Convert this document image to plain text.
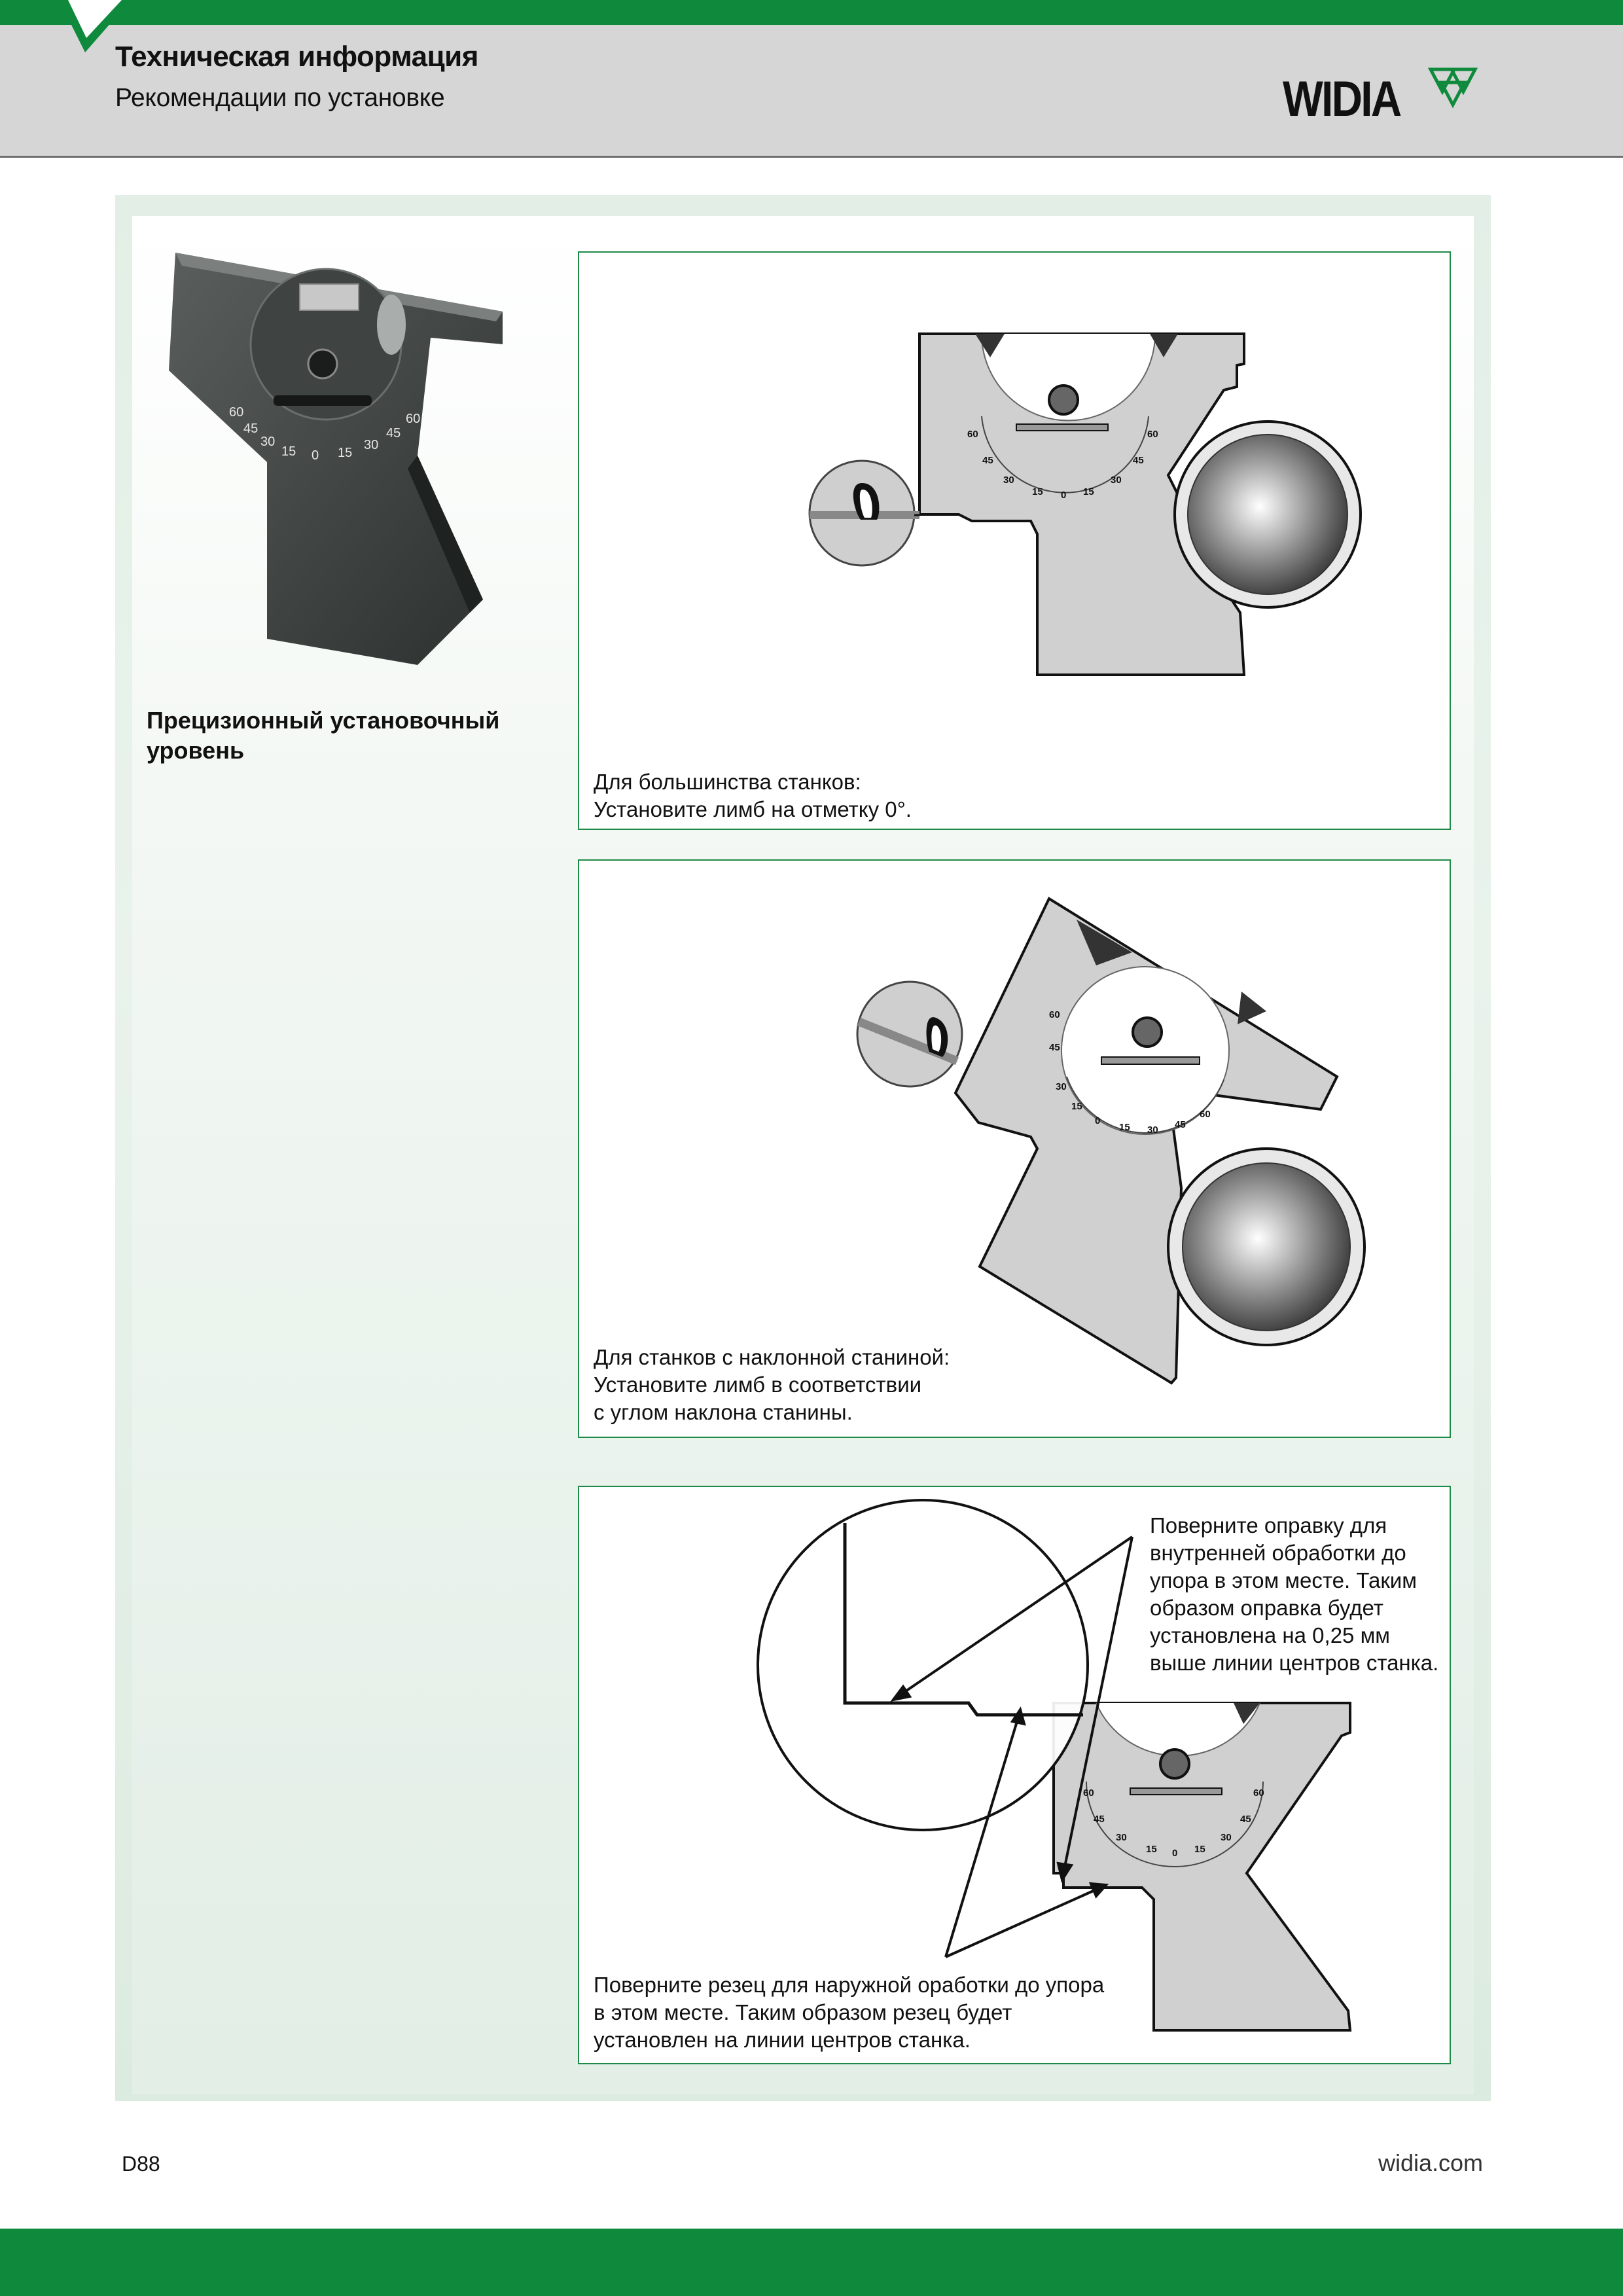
Техническая информация
Рекомендации по установке	WIDIA
60
45
30
15 0 15
30
45
60
Прецизионный установочный
уровень
60
45
30
15 0 15
30
45
60
Для большинства станков:
Установите лимб на отметку 0°.
60
45
30
15
0
15 30 45
60
Для станков с наклонной станиной:
Установите лимб в соответствии
с углом наклона станины.
60
45
30
15 0 15
30
45
60
Поверните оправку для
внутренней обработки до
упора в этом месте. Таким
образом оправка будет
установлена на 0,25 мм
выше линии центров станка.
Поверните резец для наружной оработки до упора
в этом месте. Таким образом резец будет
установлен на линии центров станка.
D88	widia.com
